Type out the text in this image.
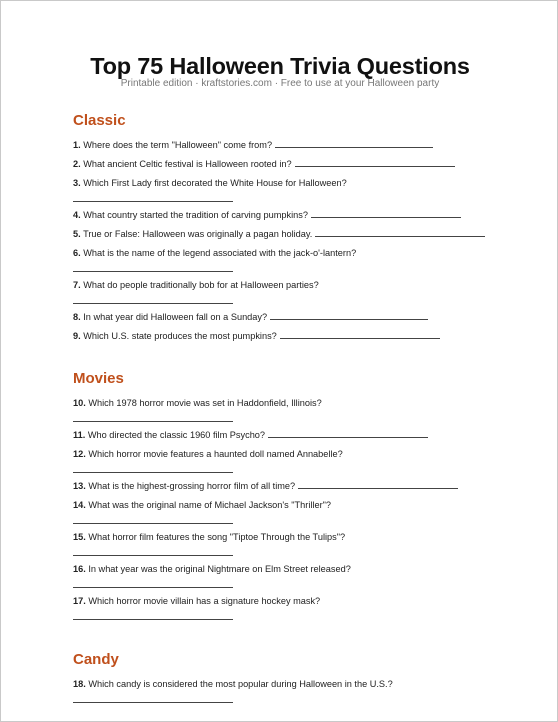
Top 75 Halloween Trivia Questions
Printable edition · kraftstories.com · Free to use at your Halloween party
Classic
1. Where does the term "Halloween" come from?
2. What ancient Celtic festival is Halloween rooted in?
3. Which First Lady first decorated the White House for Halloween?
4. What country started the tradition of carving pumpkins?
5. True or False: Halloween was originally a pagan holiday.
6. What is the name of the legend associated with the jack-o'-lantern?
7. What do people traditionally bob for at Halloween parties?
8. In what year did Halloween fall on a Sunday?
9. Which U.S. state produces the most pumpkins?
Movies
10. Which 1978 horror movie was set in Haddonfield, Illinois?
11. Who directed the classic 1960 film Psycho?
12. Which horror movie features a haunted doll named Annabelle?
13. What is the highest-grossing horror film of all time?
14. What was the original name of Michael Jackson's "Thriller"?
15. What horror film features the song "Tiptoe Through the Tulips"?
16. In what year was the original Nightmare on Elm Street released?
17. Which horror movie villain has a signature hockey mask?
Candy
18. Which candy is considered the most popular during Halloween in the U.S.?
